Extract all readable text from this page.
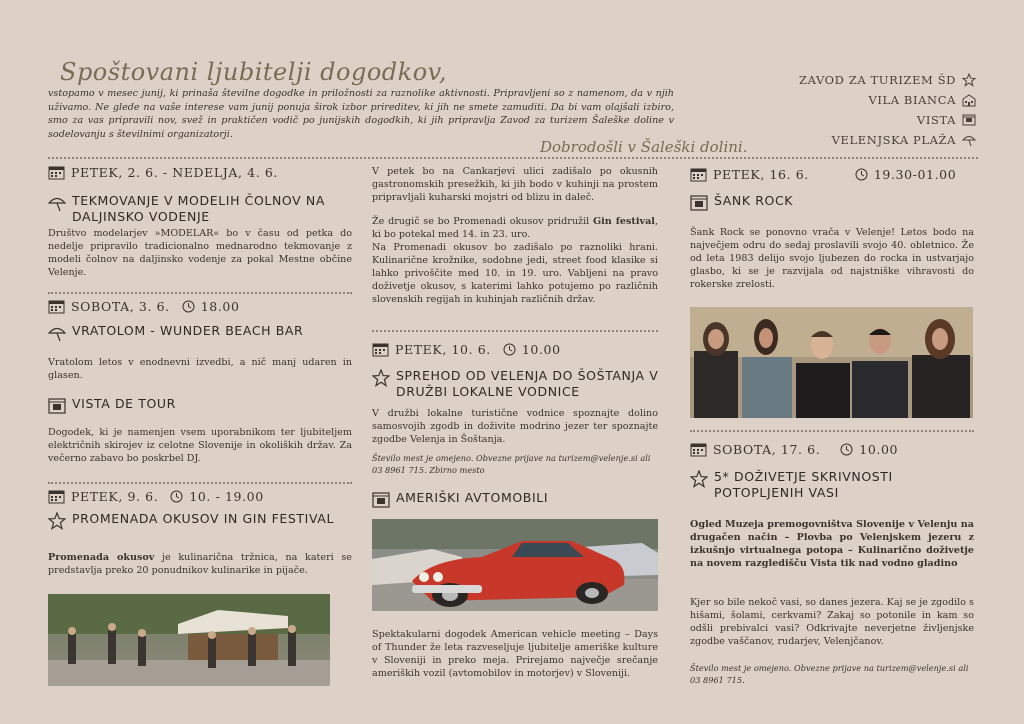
Spoštovani ljubitelji dogodkov,
vstopamo v mesec junij, ki prinaša številne dogodke in priložnosti za raznolike aktivnosti. Pripravljeni so z namenom, da v njih uživamo. Ne glede na vaše interese vam junij ponuja širok izbor prireditev, ki jih ne smete zamuditi. Da bi vam olajšali izbiro, smo za vas pripravili nov, svež in praktičen vodič po junijskih dogodkih, ki jih pripravlja Zavod za turizem Šaleške doline v sodelovanju s številnimi organizatorji.
Dobrodošli v Šaleški dolini.
ZAVOD ZA TURIZEM ŠD
VILA BIANCA
VISTA
VELENJSKA PLAŽA
PETEK, 2. 6. - NEDELJA, 4. 6.
TEKMOVANJE V MODELIH ČOLNOV NA DALJINSKO VODENJE
Društvo modelarjev »MODELAR« bo v času od petka do nedelje pripravilo tradicionalno mednarodno tekmovanje z modeli čolnov na daljinsko vodenje za pokal Mestne občine Velenje.
SOBOTA, 3. 6. 18.00
VRATOLOM - WUNDER BEACH BAR
Vratolom letos v enodnevni izvedbi, a nič manj udaren in glasen.
VISTA DE TOUR
Dogodek, ki je namenjen vsem uporabnikom ter ljubiteljem električnih skirojev iz celotne Slovenije in okoliških držav. Za večerno zabavo bo poskrbel DJ.
PETEK, 9. 6. 10. - 19.00
PROMENADA OKUSOV IN GIN FESTIVAL
Promenada okusov je kulinarična tržnica, na kateri se predstavlja preko 20 ponudnikov kulinarike in pijače.
V petek bo na Cankarjevi ulici zadišalo po okusnih gastronomskih presežkih, ki jih bodo v kuhinji na prostem pripravljali kuharski mojstri od blizu in daleč.
Že drugič se bo Promenadi okusov pridružil Gin festival, ki bo potekal med 14. in 23. uro.
Na Promenadi okusov bo zadišalo po raznoliki hrani. Kulinarične krožnike, sodobne jedi, street food klasike si lahko privoščite med 10. in 19. uro. Vabljeni na pravo doživetje okusov, s katerimi lahko potujemo po različnih slovenskih regijah in kuhinjah različnih držav.
PETEK, 10. 6. 10.00
SPREHOD OD VELENJA DO ŠOŠTANJA V DRUŽBI LOKALNE VODNICE
V družbi lokalne turistične vodnice spoznajte dolino samosvojih zgodb in doživite modrino jezer ter spoznajte zgodbe Velenja in Šoštanja.
Število mest je omejeno. Obvezne prijave na turizem@velenje.si ali 03 8961 715. Zbirno mesto
AMERIŠKI AVTOMOBILI
Spektakularni dogodek American vehicle meeting – Days of Thunder že leta razveseljuje ljubitelje ameriške kulture v Sloveniji in preko meja. Prirejamo največje srečanje ameriških vozil (avtomobilov in motorjev) v Sloveniji.
PETEK, 16. 6.	19.30-01.00
ŠANK ROCK
Šank Rock se ponovno vrača v Velenje! Letos bodo na največjem odru do sedaj proslavili svojo 40. obletnico. Že od leta 1983 delijo svojo ljubezen do rocka in ustvarjajo glasbo, ki se je razvijala od najstniške vihravosti do rokerske zrelosti.
SOBOTA, 17. 6.	10.00
5* DOŽIVETJE SKRIVNOSTI POTOPLJENIH VASI
Ogled Muzeja premogovništva Slovenije v Velenju na drugačen način – Plovba po Velenjskem jezeru z izkušnjo virtualnega potopa – Kulinarično doživetje na novem razgledišču Vista tik nad vodno gladino
Kjer so bile nekoč vasi, so danes jezera. Kaj se je zgodilo s hišami, šolami, cerkvami? Zakaj so potonile in kam so odšli prebivalci vasi? Odkrivajte neverjetne življenjske zgodbe vaščanov, rudarjev, Velenjčanov.
Število mest je omejeno. Obvezne prijave na turizem@velenje.si ali 03 8961 715.
